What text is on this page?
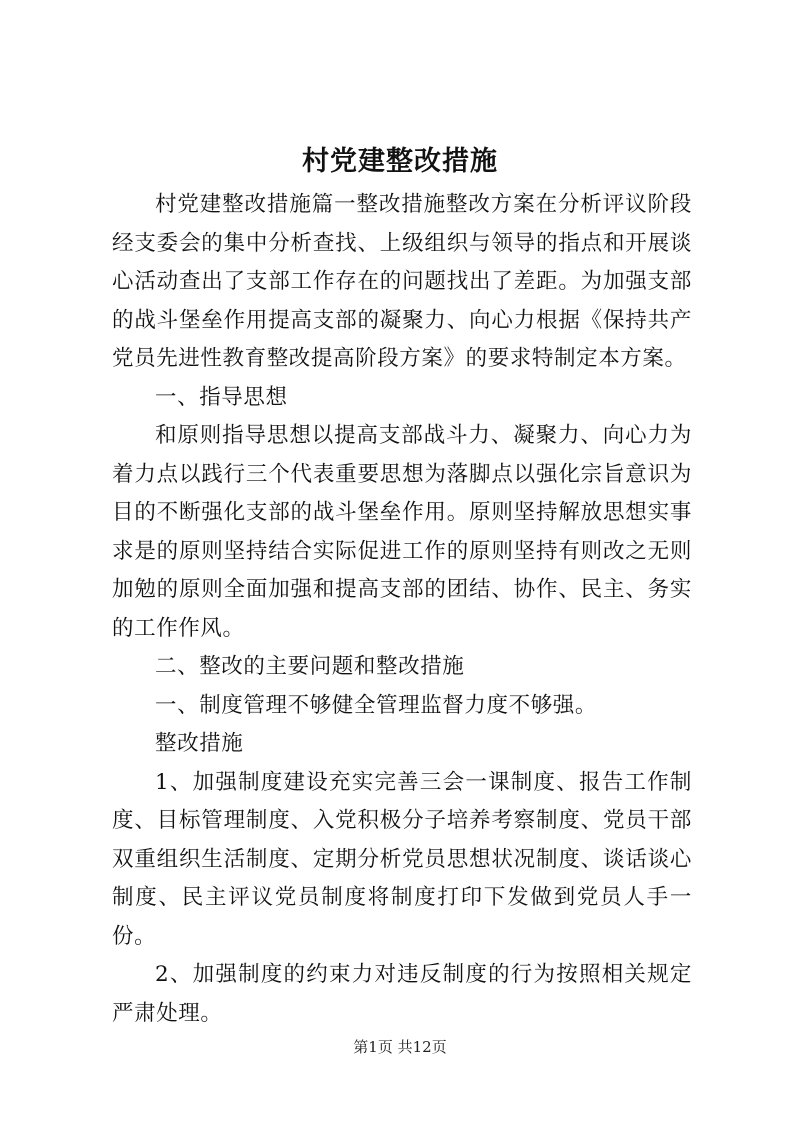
村党建整改措施

村党建整改措施篇一整改措施整改方案在分析评议阶段经支委会的集中分析查找、上级组织与领导的指点和开展谈心活动查出了支部工作存在的问题找出了差距。为加强支部的战斗堡垒作用提高支部的凝聚力、向心力根据《保持共产党员先进性教育整改提高阶段方案》的要求特制定本方案。

一、指导思想

和原则指导思想以提高支部战斗力、凝聚力、向心力为着力点以践行三个代表重要思想为落脚点以强化宗旨意识为目的不断强化支部的战斗堡垒作用。原则坚持解放思想实事求是的原则坚持结合实际促进工作的原则坚持有则改之无则加勉的原则全面加强和提高支部的团结、协作、民主、务实的工作作风。

二、整改的主要问题和整改措施

一、制度管理不够健全管理监督力度不够强。

整改措施

1、加强制度建设充实完善三会一课制度、报告工作制度、目标管理制度、入党积极分子培养考察制度、党员干部双重组织生活制度、定期分析党员思想状况制度、谈话谈心制度、民主评议党员制度将制度打印下发做到党员人手一份。

2、加强制度的约束力对违反制度的行为按照相关规定严肃处理。

第1页 共12页
